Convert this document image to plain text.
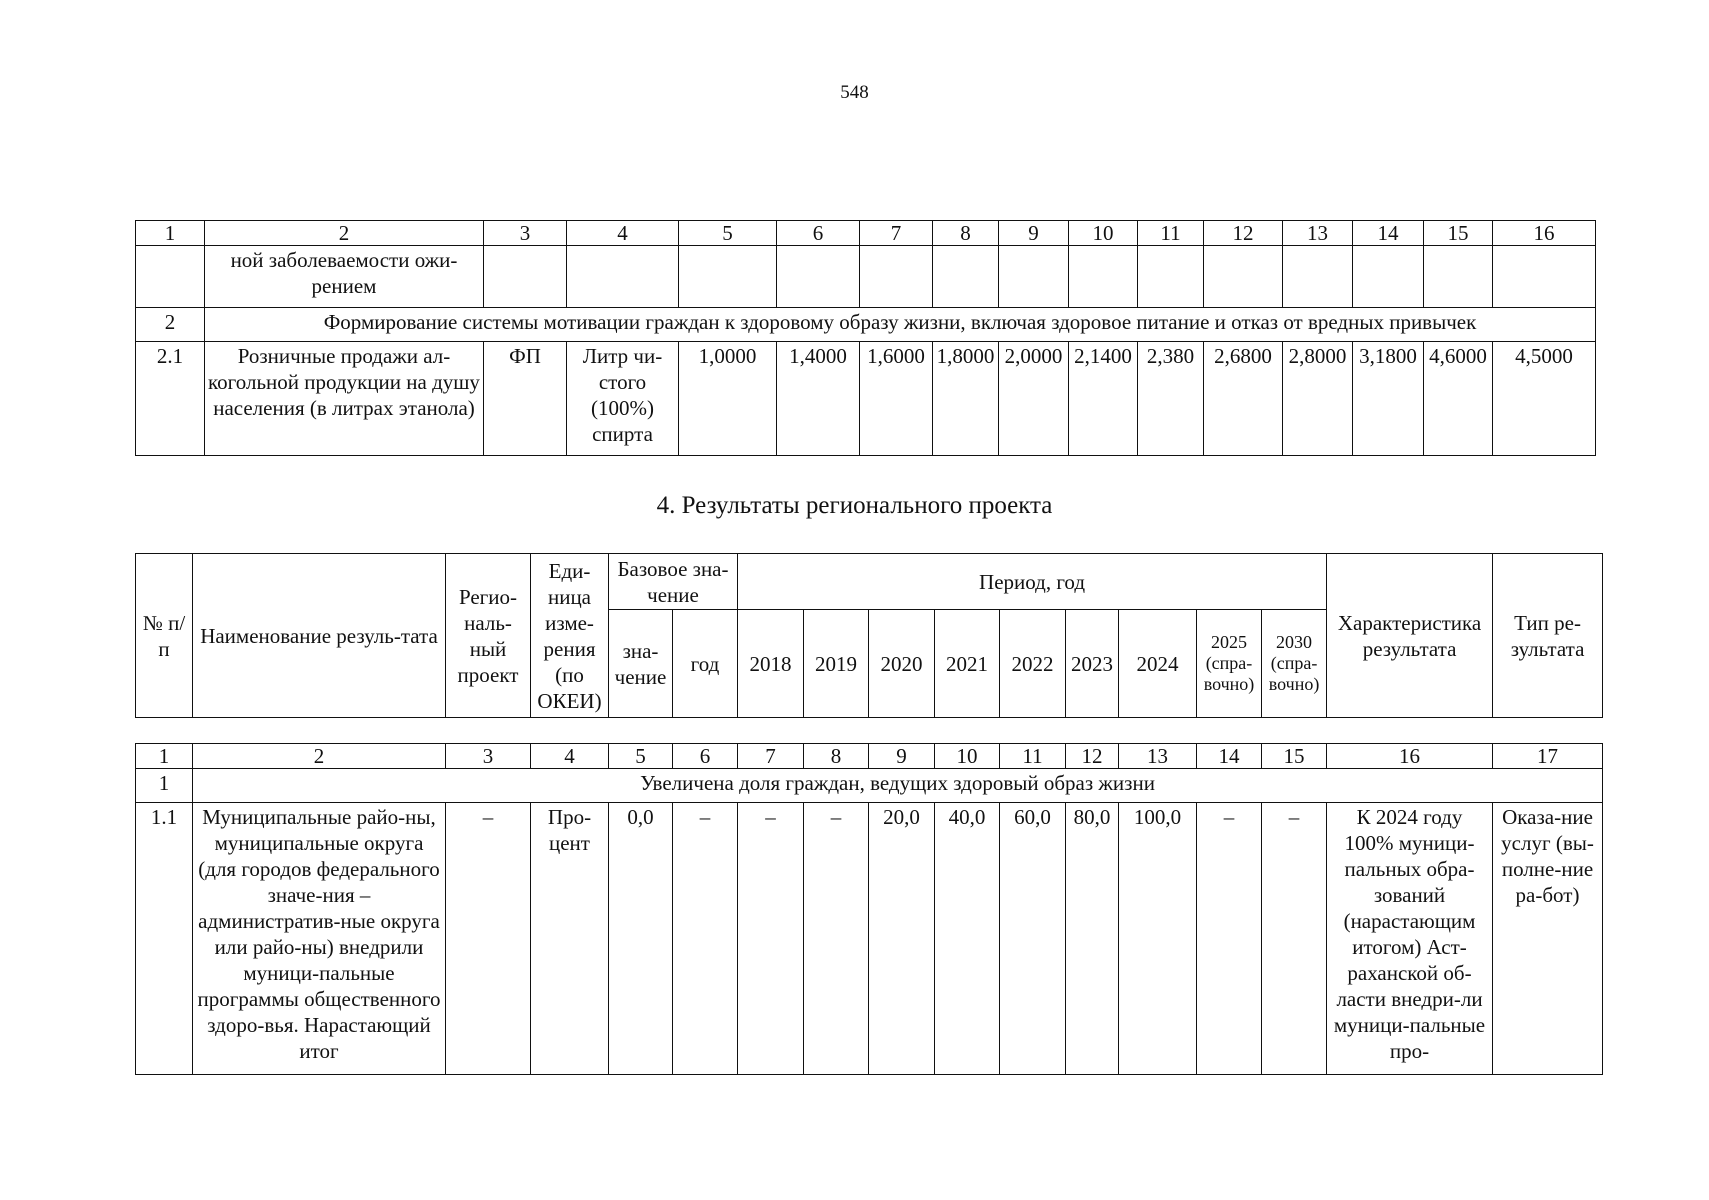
548
1	2	3	4	5	6	7	8	9	10	11	12	13	14	15	16
	ной заболеваемости ожи-рением														
2	Формирование системы мотивации граждан к здоровому образу жизни, включая здоровое питание и отказ от вредных привычек														
2.1	Розничные продажи ал-когольной продукции на душу населения (в литрах этанола)	ФП	Литр чи-стого (100%) спирта	1,0000	1,4000	1,6000	1,8000	2,0000	2,1400	2,380	2,6800	2,8000	3,1800	4,6000	4,5000
4. Результаты регионального проекта
№ п/п	Наименование резуль-тата	Регио-наль-ный проект	Еди-ница изме-рения (по ОКЕИ)	Базовое зна-чение		Период, год									Характеристика результата	Тип ре-зультата
				зна-чение	год	2018	2019	2020	2021	2022	2023	2024	2025 (спра-вочно)	2030 (спра-вочно)		
1	2	3	4	5	6	7	8	9	10	11	12	13	14	15	16	17
1	Увеличена доля граждан, ведущих здоровый образ жизни															
1.1	Муниципальные райо-ны, муниципальные округа (для городов федерального значе-ния – административ-ные округа или райо-ны) внедрили муници-пальные программы общественного здоро-вья. Нарастающий итог	–	Про-цент	0,0	–	–	–	20,0	40,0	60,0	80,0	100,0	–	–	К 2024 году 100% муници-пальных обра-зований (нарастающим итогом) Аст-раханской об-ласти внедри-ли муници-пальные про-	Оказа-ние услуг (вы-полне-ние ра-бот)
